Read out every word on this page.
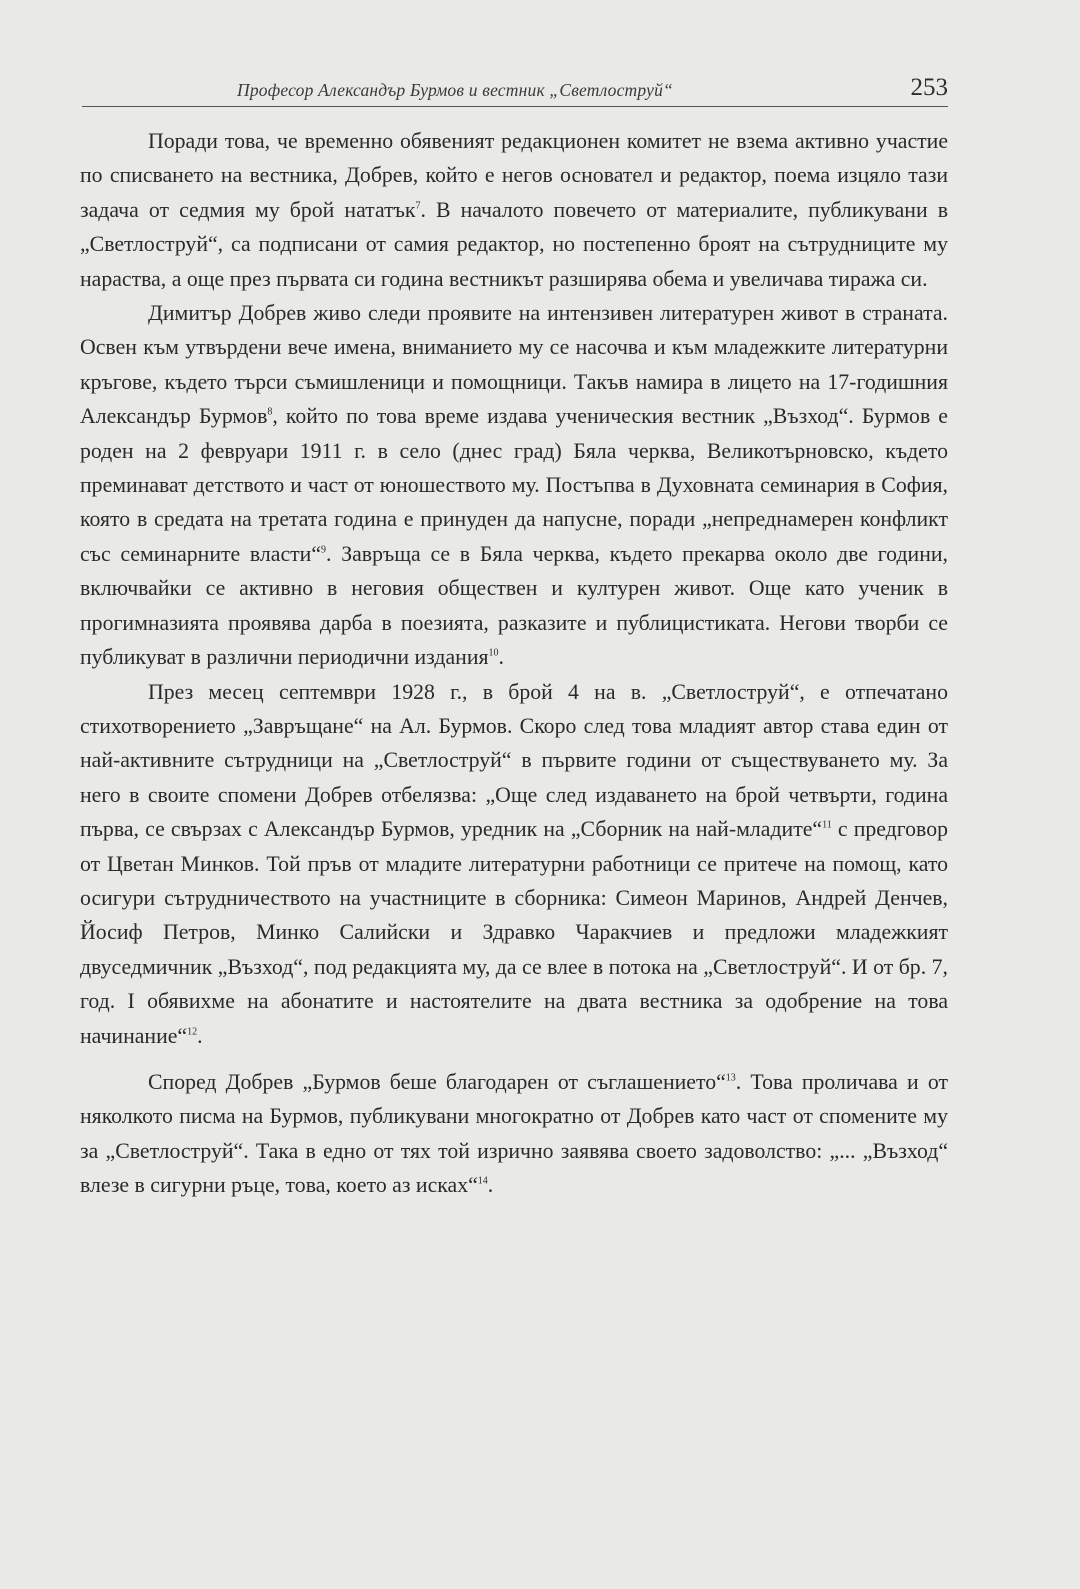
Професор Александър Бурмов и вестник „Светлоструй“	253

Поради това, че временно обявеният редакционен комитет не взема активно участие по списването на вестника, Добрев, който е негов основател и редактор, поема изцяло тази задача от седмия му брой нататък$^7$. В началото повечето от материалите, публикувани в „Светлоструй“, са подписани от самия редактор, но постепенно броят на сътрудниците му нараства, а още през първата си година вестникът разширява обема и увеличава тиража си.

Димитър Добрев живо следи проявите на интензивен литературен живот в страната. Освен към утвърдени вече имена, вниманието му се насочва и към младежките литературни кръгове, където търси съмишленици и помощници. Такъв намира в лицето на 17-годишния Александър Бурмов$^8$, който по това време издава ученическия вестник „Възход“. Бурмов е роден на 2 февруари 1911 г. в село (днес град) Бяла черква, Великотърновско, където преминават детството и част от юношеството му. Постъпва в Духовната семинария в София, която в средата на третата година е принуден да напусне, поради „непреднамерен конфликт със семинарните власти“$^9$. Завръща се в Бяла черква, където прекарва около две години, включвайки се активно в неговия обществен и културен живот. Още като ученик в прогимназията проявява дарба в поезията, разказите и публицистиката. Негови творби се публикуват в различни периодични издания$^{10}$.

През месец септември 1928 г., в брой 4 на в. „Светлоструй“, е отпечатано стихотворението „Завръщане“ на Ал. Бурмов. Скоро след това младият автор става един от най-активните сътрудници на „Светлоструй“ в първите години от съществуването му. За него в своите спомени Добрев отбелязва: „Още след издаването на брой четвърти, година първа, се свързах с Александър Бурмов, уредник на „Сборник на най-младите“$^{11}$ с предговор от Цветан Минков. Той пръв от младите литературни работници се притече на помощ, като осигури сътрудничеството на участниците в сборника: Симеон Маринов, Андрей Денчев, Йосиф Петров, Минко Салийски и Здравко Чаракчиев и предложи младежкият двуседмичник „Възход“, под редакцията му, да се влее в потока на „Светлоструй“. И от бр. 7, год. I обявихме на абонатите и настоятелите на двата вестника за одобрение на това начинание“$^{12}$.

Според Добрев „Бурмов беше благодарен от съглашението“$^{13}$. Това проличава и от няколкото писма на Бурмов, публикувани многократно от Добрев като част от спомените му за „Светлоструй“. Така в едно от тях той изрично заявява своето задоволство: „... „Възход“ влезе в сигурни ръце, това, което аз исках“$^{14}$.
